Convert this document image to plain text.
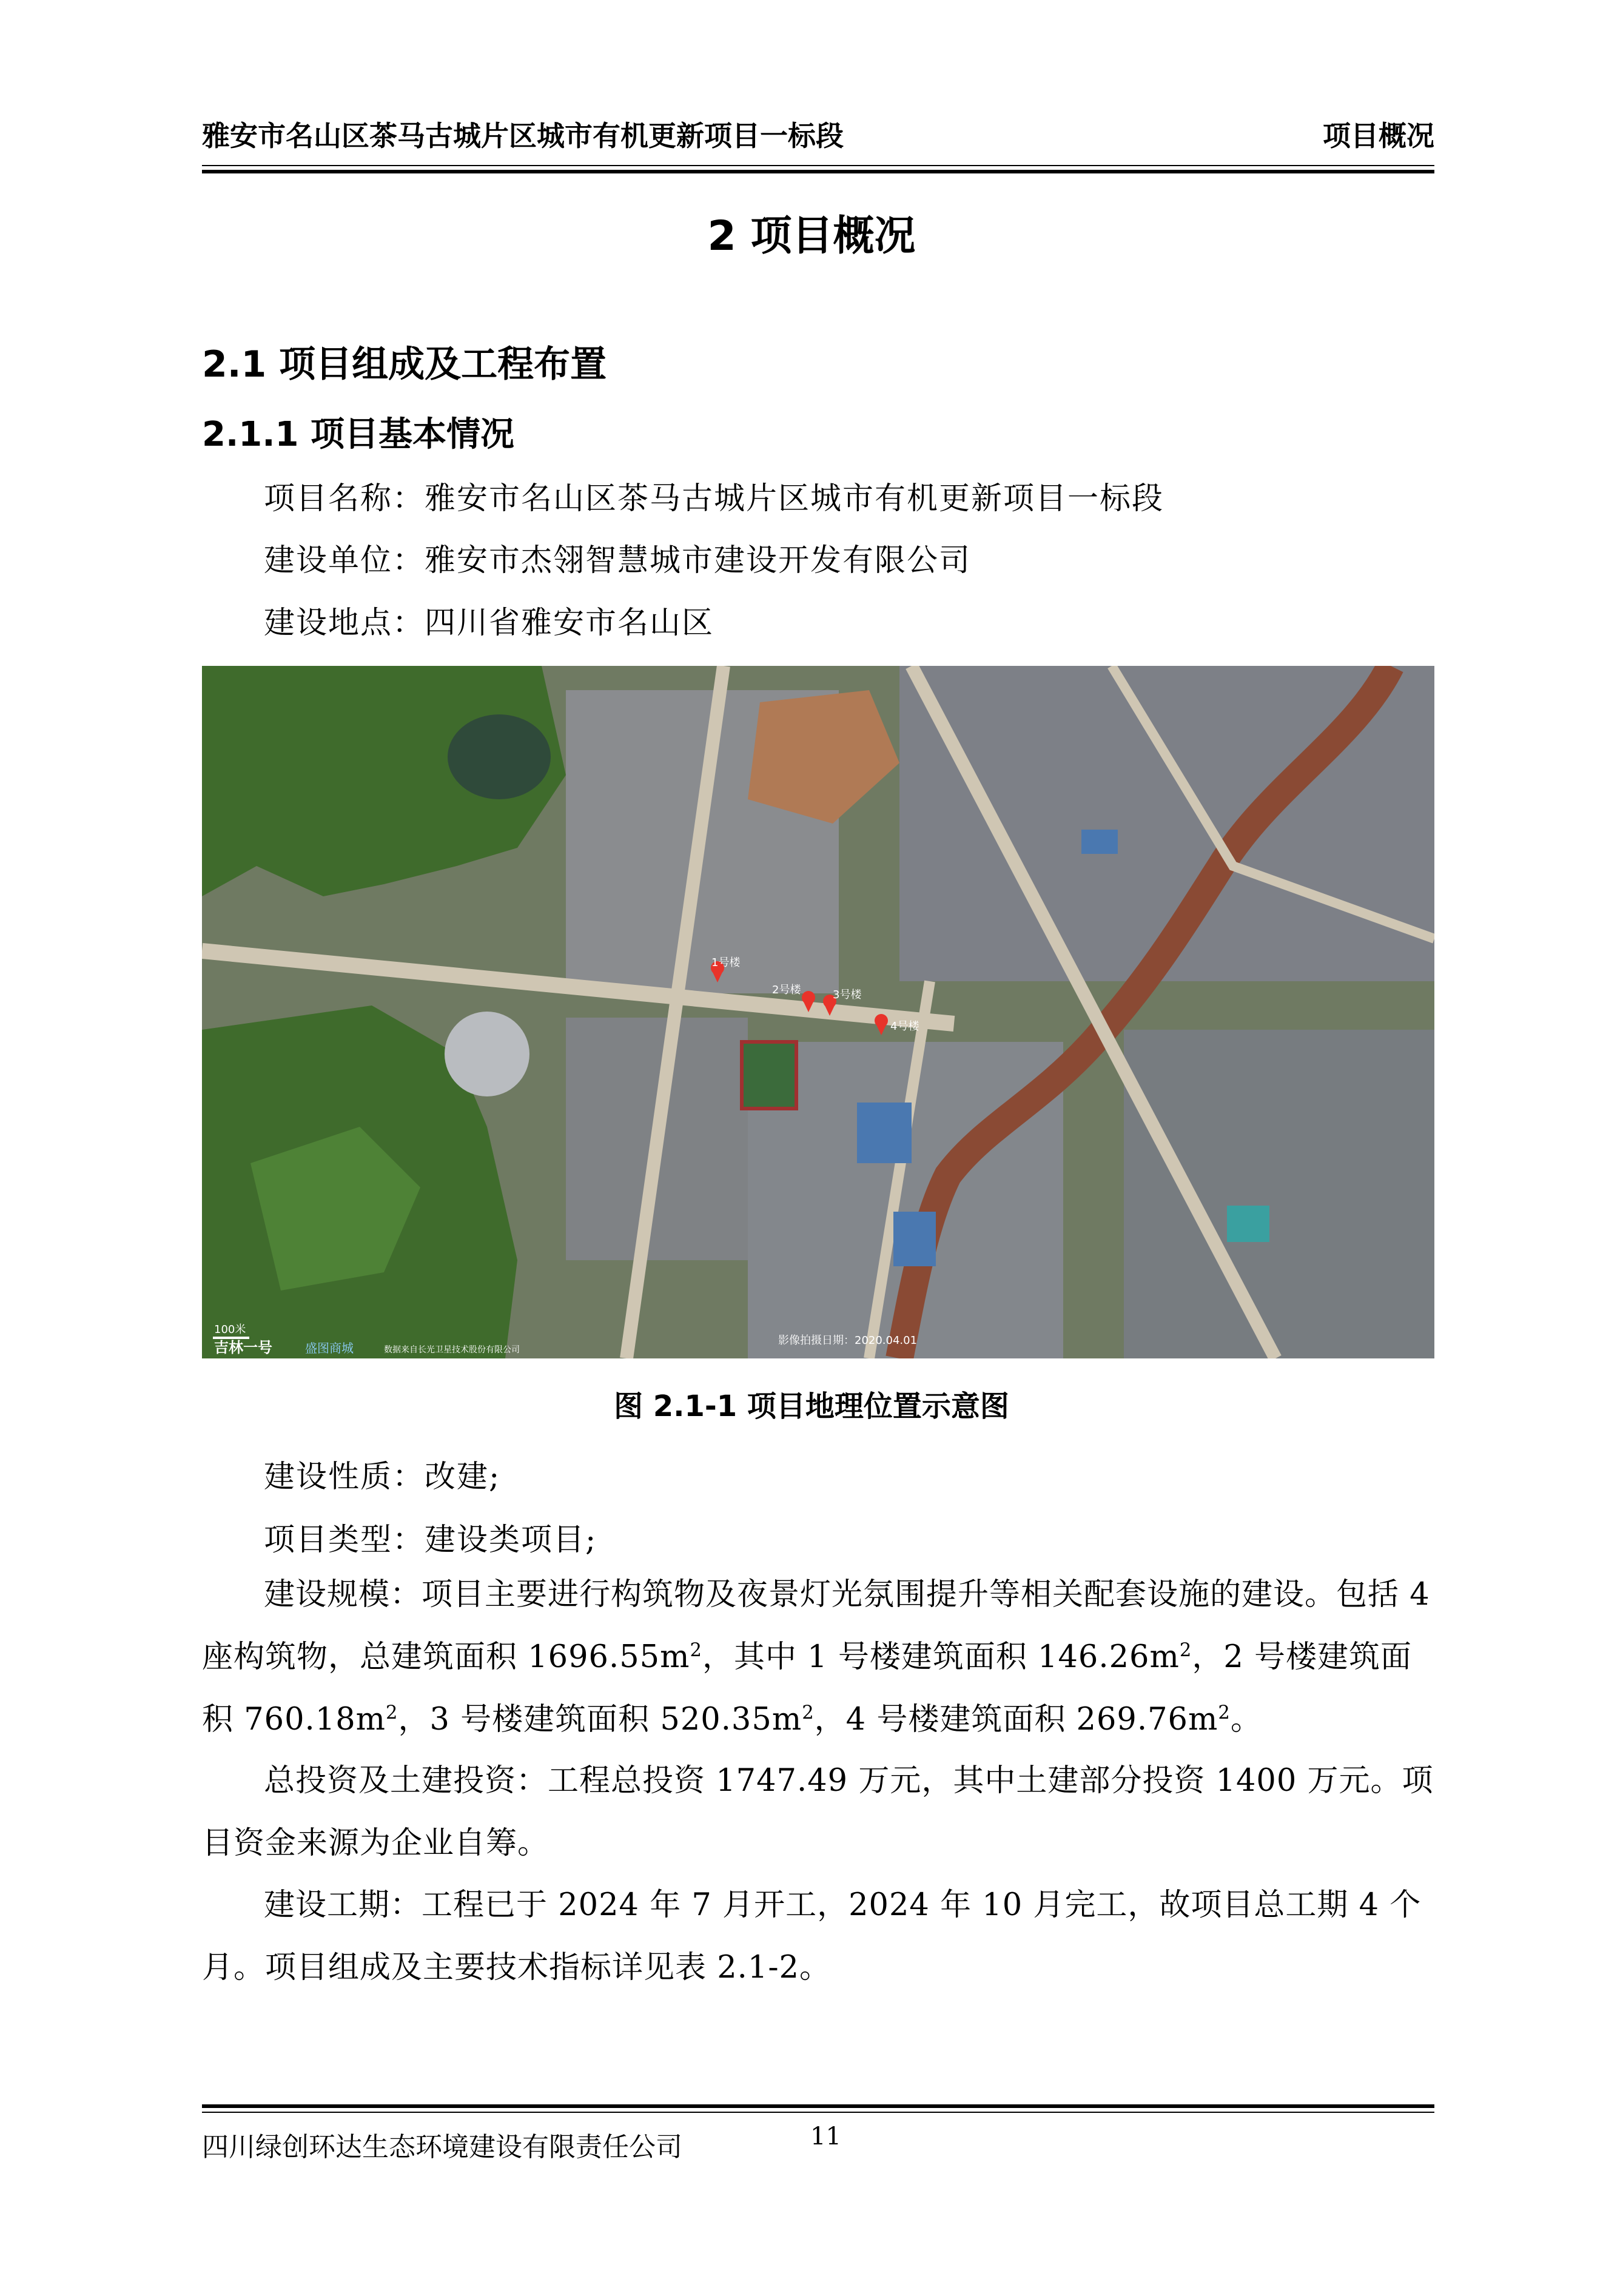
雅安市名山区茶马古城片区城市有机更新项目一标段	项目概况
2 项目概况
2.1 项目组成及工程布置
2.1.1 项目基本情况
项目名称：雅安市名山区茶马古城片区城市有机更新项目一标段
建设单位：雅安市杰翎智慧城市建设开发有限公司
建设地点：四川省雅安市名山区
1号楼
2号楼	3号楼
4号楼
100米
吉林一号	盛图商城	数据来自长光卫星技术股份有限公司
影像拍摄日期：2020.04.01
图 2.1-1 项目地理位置示意图
建设性质：改建;
项目类型：建设类项目;
建设规模：项目主要进行构筑物及夜景灯光氛围提升等相关配套设施的建设。包括 4 座构筑物，总建筑面积 $1696.55m^2$，其中 1 号楼建筑面积 $146.26m^2$，2 号楼建筑面积 $760.18m^2$，3 号楼建筑面积 $520.35m^2$，4 号楼建筑面积 $269.76m^2$。
总投资及土建投资：工程总投资 1747.49 万元，其中土建部分投资 1400 万元。项目资金来源为企业自筹。
建设工期：工程已于 2024 年 7 月开工，2024 年 10 月完工，故项目总工期 4 个月。项目组成及主要技术指标详见表 2.1-2。
四川绿创环达生态环境建设有限责任公司	11
